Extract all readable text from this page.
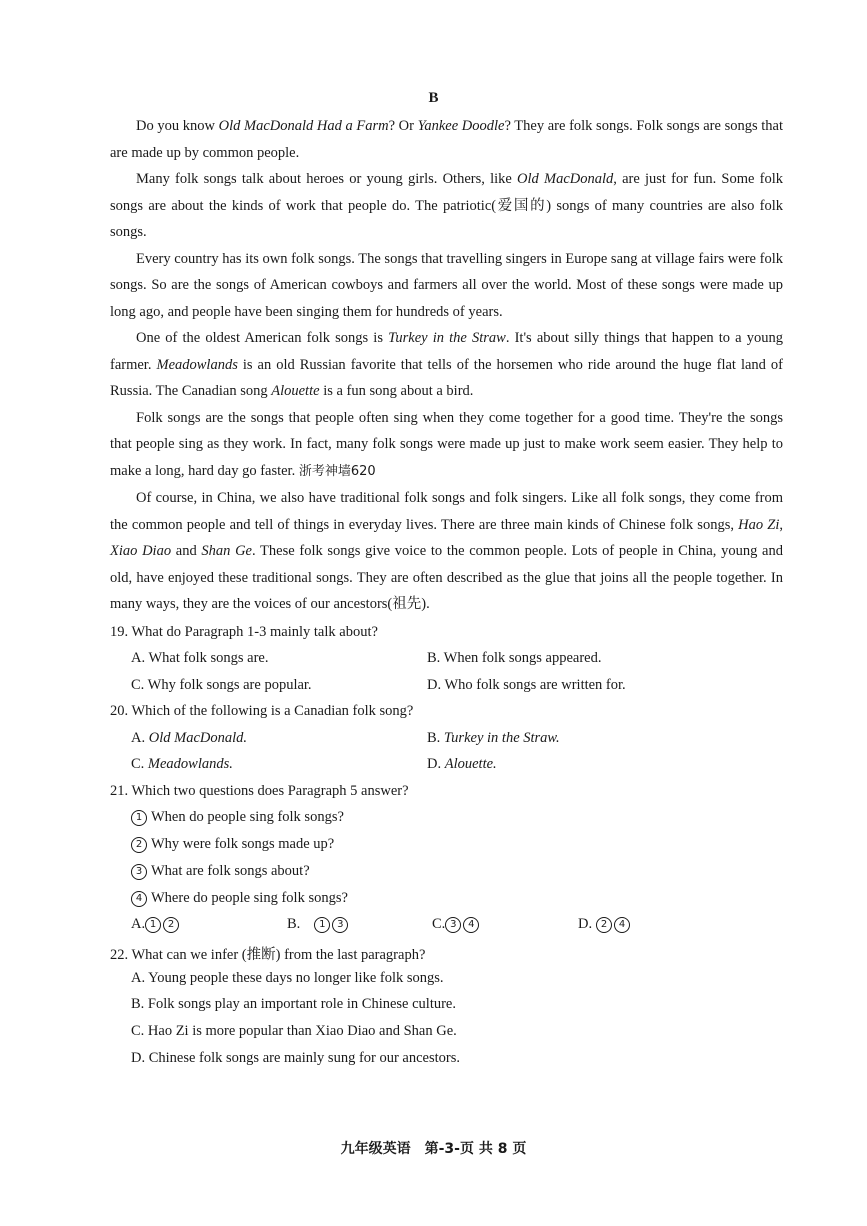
B

Do you know Old MacDonald Had a Farm? Or Yankee Doodle? They are folk songs. Folk songs are songs that are made up by common people.

Many folk songs talk about heroes or young girls. Others, like Old MacDonald, are just for fun. Some folk songs are about the kinds of work that people do. The patriotic(爱国的) songs of many countries are also folk songs.

Every country has its own folk songs. The songs that travelling singers in Europe sang at village fairs were folk songs. So are the songs of American cowboys and farmers all over the world. Most of these songs were made up long ago, and people have been singing them for hundreds of years.

One of the oldest American folk songs is Turkey in the Straw. It's about silly things that happen to a young farmer. Meadowlands is an old Russian favorite that tells of the horsemen who ride around the huge flat land of Russia. The Canadian song Alouette is a fun song about a bird.

Folk songs are the songs that people often sing when they come together for a good time. They're the songs that people sing as they work. In fact, many folk songs were made up just to make work seem easier. They help to make a long, hard day go faster. 浙考神墙620

Of course, in China, we also have traditional folk songs and folk singers. Like all folk songs, they come from the common people and tell of things in everyday lives. There are three main kinds of Chinese folk songs, Hao Zi, Xiao Diao and Shan Ge. These folk songs give voice to the common people. Lots of people in China, young and old, have enjoyed these traditional songs. They are often described as the glue that joins all the people together. In many ways, they are the voices of our ancestors(祖先).

19. What do Paragraph 1-3 mainly talk about?
A. What folk songs are.	B. When folk songs appeared.
C. Why folk songs are popular.	D. Who folk songs are written for.
20. Which of the following is a Canadian folk song?
A. Old MacDonald.	B. Turkey in the Straw.
C. Meadowlands.	D. Alouette.
21. Which two questions does Paragraph 5 answer?
1 When do people sing folk songs?
2 Why were folk songs made up?
3 What are folk songs about?
4 Where do people sing folk songs?
A. 1 2	B. 1 3	C. 3 4	D. 2 4
22. What can we infer (推断) from the last paragraph?
A. Young people these days no longer like folk songs.
B. Folk songs play an important role in Chinese culture.
C. Hao Zi is more popular than Xiao Diao and Shan Ge.
D. Chinese folk songs are mainly sung for our ancestors.
九年级英语　第-3-页 共 8 页
